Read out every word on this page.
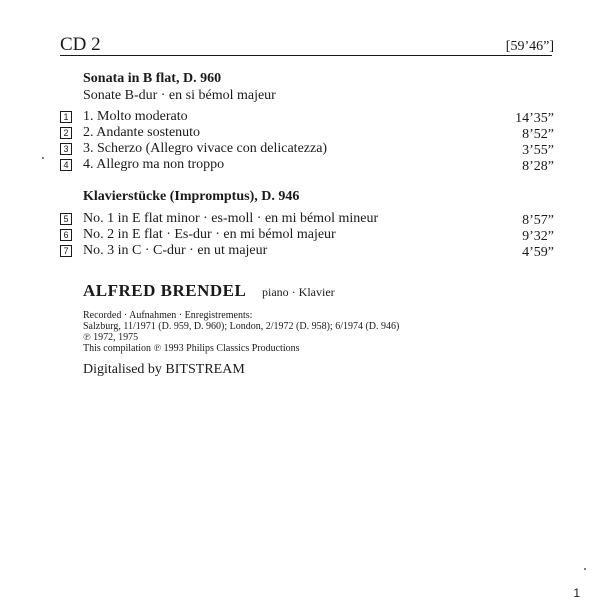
CD 2	[59’46”]
Sonata in B flat, D. 960
Sonate B-dur · en si bémol majeur
1 1. Molto moderato	14’35”
2 2. Andante sostenuto	8’52”
3 3. Scherzo (Allegro vivace con delicatezza)	3’55”
4 4. Allegro ma non troppo	8’28”
Klavierstücke (Impromptus), D. 946
5 No. 1 in E flat minor · es-moll · en mi bémol mineur	8’57”
6 No. 2 in E flat · Es-dur · en mi bémol majeur	9’32”
7 No. 3 in C · C-dur · en ut majeur	4’59”
ALFRED BRENDEL piano · Klavier
Recorded · Aufnahmen · Enregistrements:
Salzburg, 11/1971 (D. 959, D. 960); London, 2/1972 (D. 958); 6/1974 (D. 946)
℗ 1972, 1975
This compilation ℗ 1993 Philips Classics Productions
Digitalised by BITSTREAM
1
